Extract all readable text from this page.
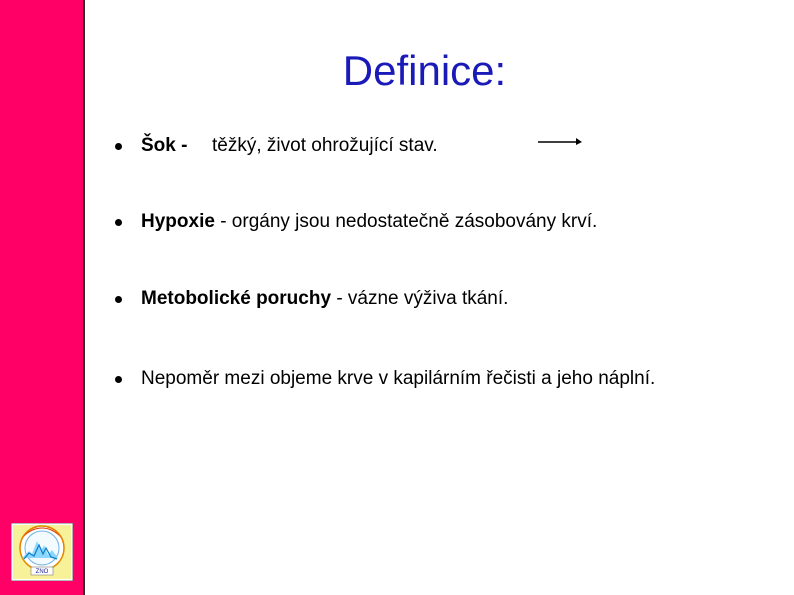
ZNO
Definice:
Šok - těžký, život ohrožující stav.
Hypoxie - orgány jsou nedostatečně zásobovány krví.
Metobolické poruchy - vázne výživa tkání.
Nepoměr mezi objeme krve v kapilárním řečisti a jeho náplní.
